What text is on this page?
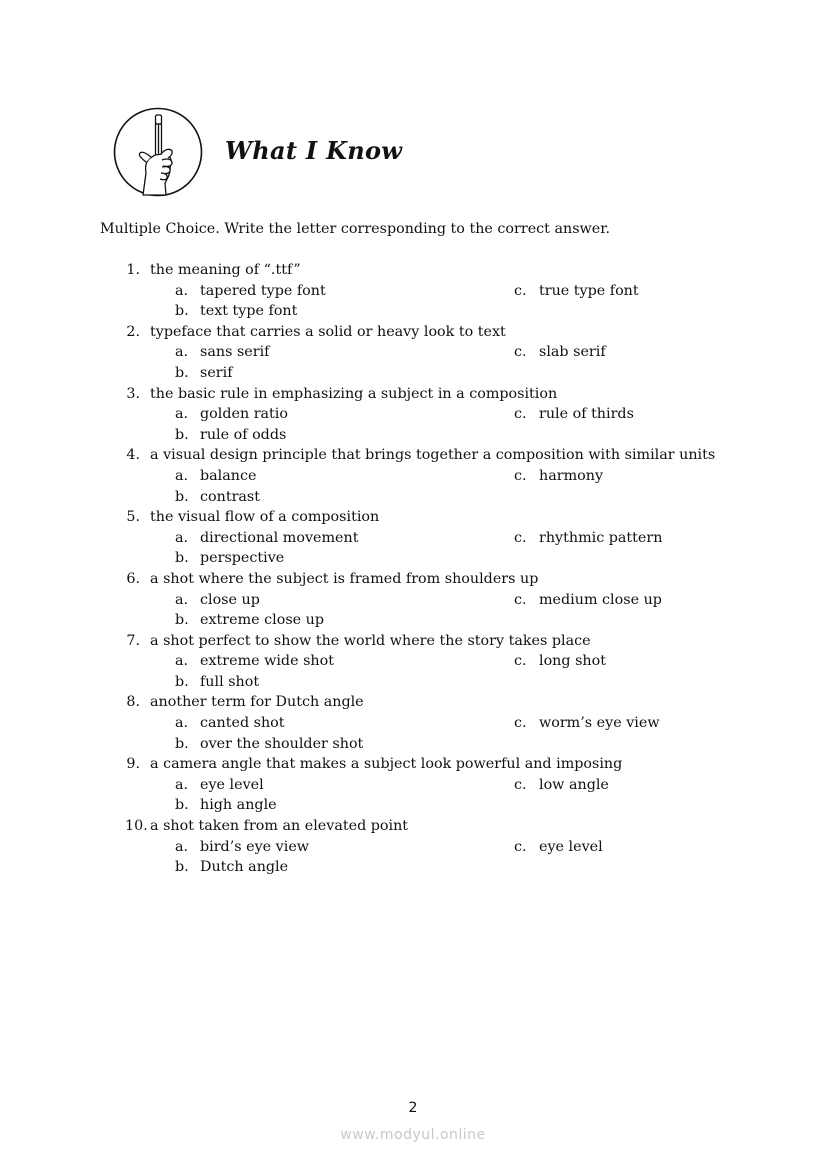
What I Know

Multiple Choice. Write the letter corresponding to the correct answer.

1. the meaning of “.ttf”
a. tapered type font	c. true type font
b. text type font
2. typeface that carries a solid or heavy look to text
a. sans serif	c. slab serif
b. serif
3. the basic rule in emphasizing a subject in a composition
a. golden ratio	c. rule of thirds
b. rule of odds
4. a visual design principle that brings together a composition with similar units
a. balance	c. harmony
b. contrast
5. the visual flow of a composition
a. directional movement	c. rhythmic pattern
b. perspective
6. a shot where the subject is framed from shoulders up
a. close up	c. medium close up
b. extreme close up
7. a shot perfect to show the world where the story takes place
a. extreme wide shot	c. long shot
b. full shot
8. another term for Dutch angle
a. canted shot	c. worm’s eye view
b. over the shoulder shot
9. a camera angle that makes a subject look powerful and imposing
a. eye level	c. low angle
b. high angle
10. a shot taken from an elevated point
a. bird’s eye view	c. eye level
b. Dutch angle
2
www.modyul.online
